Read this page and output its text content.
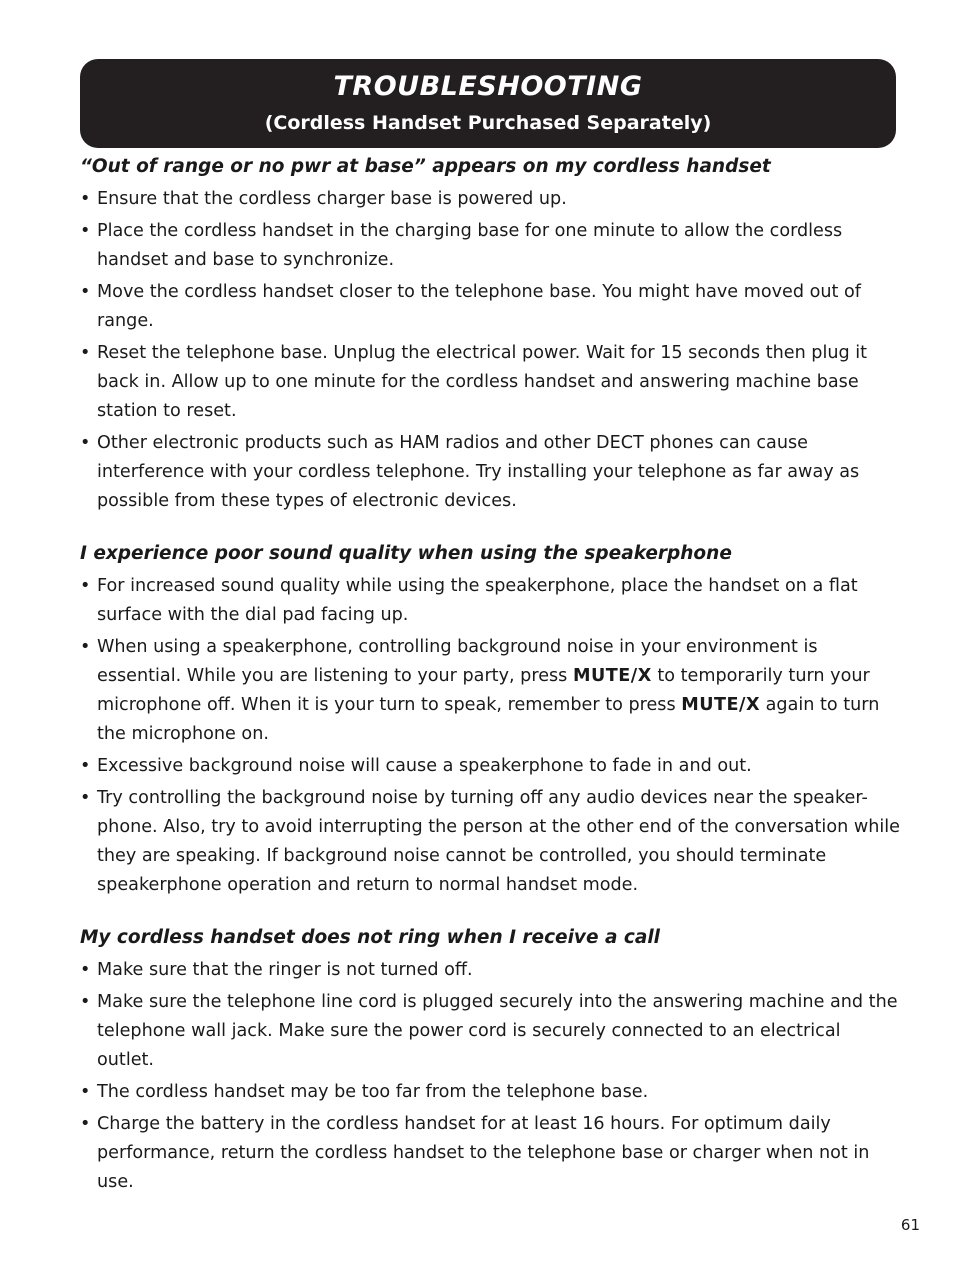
TROUBLESHOOTING
(Cordless Handset Purchased Separately)
“Out of range or no pwr at base” appears on my cordless handset
• Ensure that the cordless charger base is powered up.
• Place the cordless handset in the charging base for one minute to allow the cordless handset and base to synchronize.
• Move the cordless handset closer to the telephone base. You might have moved out of range.
• Reset the telephone base. Unplug the electrical power. Wait for 15 seconds then plug it back in. Allow up to one minute for the cordless handset and answering machine base station to reset.
• Other electronic products such as HAM radios and other DECT phones can cause interference with your cordless telephone. Try installing your telephone as far away as possible from these types of electronic devices.
I experience poor sound quality when using the speakerphone
• For increased sound quality while using the speakerphone, place the handset on a flat surface with the dial pad facing up.
• When using a speakerphone, controlling background noise in your environment is essential. While you are listening to your party, press MUTE/X to temporarily turn your microphone off. When it is your turn to speak, remember to press MUTE/X again to turn the microphone on.
• Excessive background noise will cause a speakerphone to fade in and out.
• Try controlling the background noise by turning off any audio devices near the speaker-phone. Also, try to avoid interrupting the person at the other end of the conversation while they are speaking. If background noise cannot be controlled, you should terminate speakerphone operation and return to normal handset mode.
My cordless handset does not ring when I receive a call
• Make sure that the ringer is not turned off.
• Make sure the telephone line cord is plugged securely into the answering machine and the telephone wall jack. Make sure the power cord is securely connected to an electrical outlet.
• The cordless handset may be too far from the telephone base.
• Charge the battery in the cordless handset for at least 16 hours. For optimum daily performance, return the cordless handset to the telephone base or charger when not in use.
61
